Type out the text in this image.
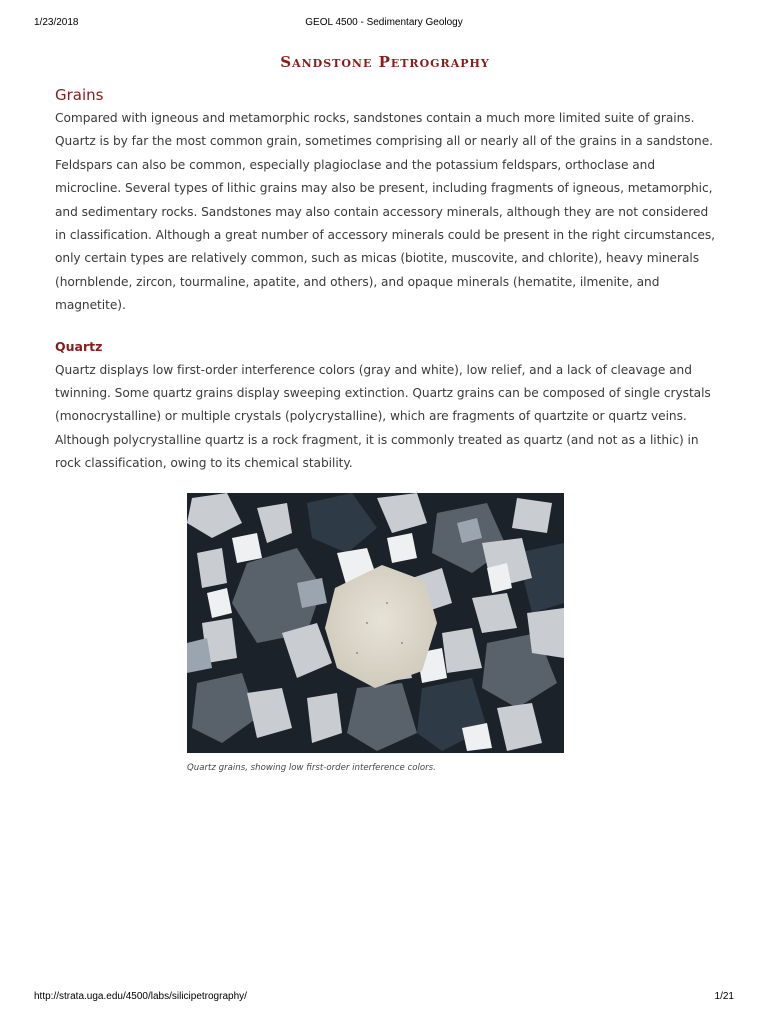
1/23/2018	GEOL 4500 - Sedimentary Geology
Sandstone Petrography
Grains

Compared with igneous and metamorphic rocks, sandstones contain a much more limited suite of grains. Quartz is by far the most common grain, sometimes comprising all or nearly all of the grains in a sandstone. Feldspars can also be common, especially plagioclase and the potassium feldspars, orthoclase and microcline. Several types of lithic grains may also be present, including fragments of igneous, metamorphic, and sedimentary rocks. Sandstones may also contain accessory minerals, although they are not considered in classification. Although a great number of accessory minerals could be present in the right circumstances, only certain types are relatively common, such as micas (biotite, muscovite, and chlorite), heavy minerals (hornblende, zircon, tourmaline, apatite, and others), and opaque minerals (hematite, ilmenite, and magnetite).

Quartz

Quartz displays low first-order interference colors (gray and white), low relief, and a lack of cleavage and twinning. Some quartz grains display sweeping extinction. Quartz grains can be composed of single crystals (monocrystalline) or multiple crystals (polycrystalline), which are fragments of quartzite or quartz veins. Although polycrystalline quartz is a rock fragment, it is commonly treated as quartz (and not as a lithic) in rock classification, owing to its chemical stability.

Quartz grains, showing low first-order interference colors.
http://strata.uga.edu/4500/labs/silicipetrography/	1/21
